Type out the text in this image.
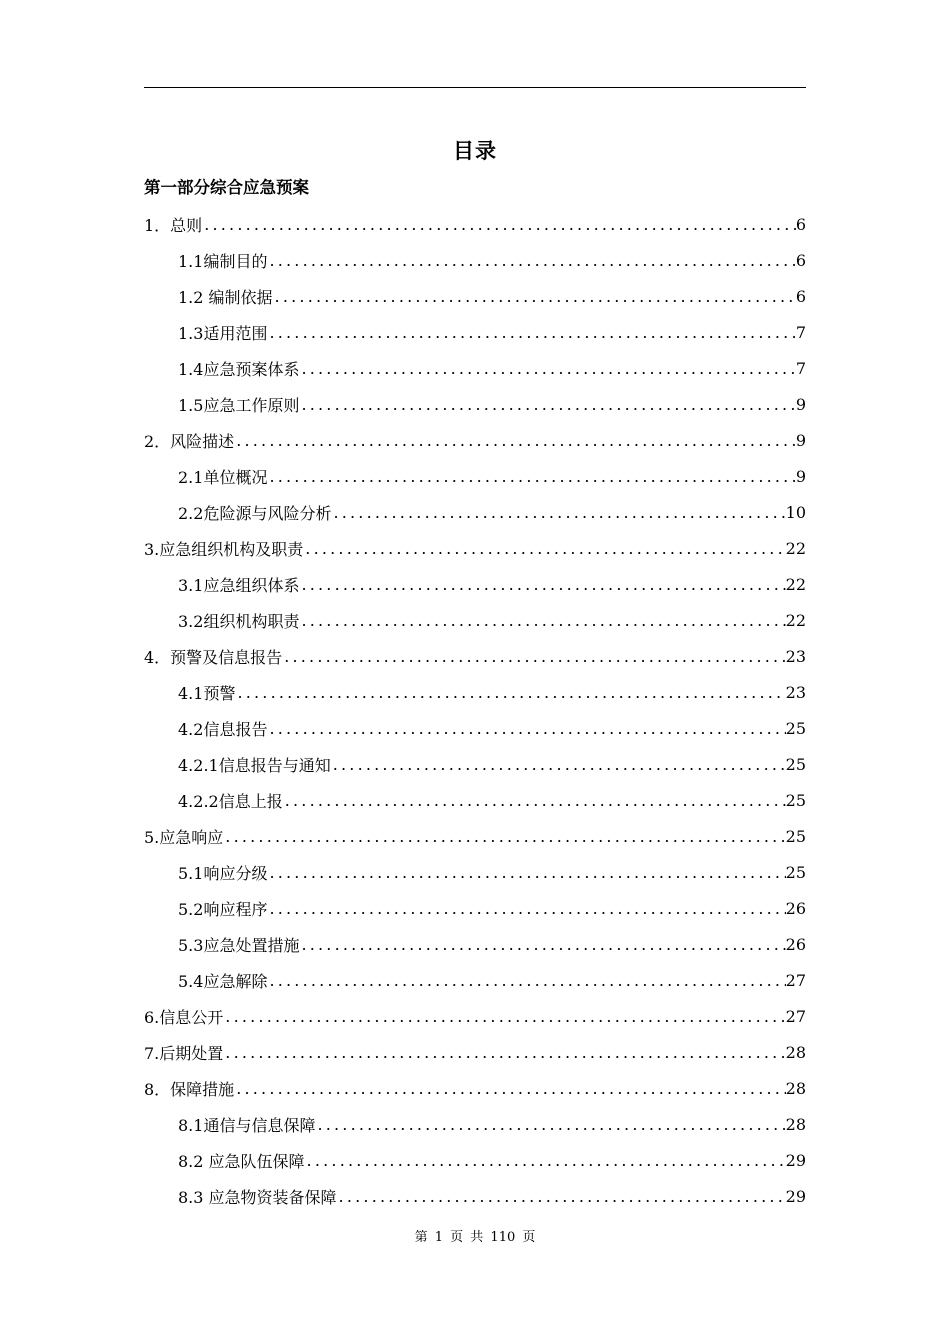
目录
第一部分综合应急预案
1．总则 .....	6
1.1编制目的 .....	6
1.2 编制依据 .....	6
1.3适用范围 .....	7
1.4应急预案体系 .....	7
1.5应急工作原则 .....	9
2．风险描述 .....	9
2.1单位概况 .....	9
2.2危险源与风险分析 .....	10
3.应急组织机构及职责 .....	22
3.1应急组织体系 .....	22
3.2组织机构职责 .....	22
4．预警及信息报告 .....	23
4.1预警 .....	23
4.2信息报告 .....	25
4.2.1信息报告与通知 .....	25
4.2.2信息上报 .....	25
5.应急响应 .....	25
5.1响应分级 .....	25
5.2响应程序 .....	26
5.3应急处置措施 .....	26
5.4应急解除 .....	27
6.信息公开 .....	27
7.后期处置 .....	28
8．保障措施 .....	28
8.1通信与信息保障 .....	28
8.2 应急队伍保障 .....	29
8.3 应急物资装备保障 .....	29
第 1 页 共 110 页
